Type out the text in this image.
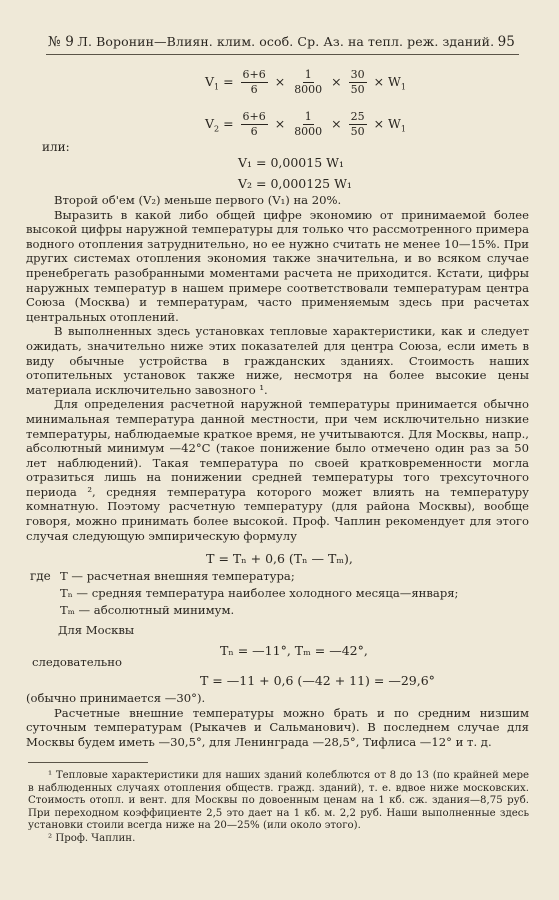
№ 9 Л. Воронин—Влиян. клим. особ. Ср. Аз. на тепл. реж. зданий. 95
$V_1 = \frac{6+6}{6} \times \frac{1}{8000} \times \frac{30}{50} \times W_1$
$V_2 = \frac{6+6}{6} \times \frac{1}{8000} \times \frac{25}{50} \times W_1$
или:
V₁ = 0,00015 W₁
V₂ = 0,000125 W₁

Второй об'ем (V₂) меньше первого (V₁) на 20%.

Выразить в какой либо общей цифре экономию от принимаемой более высокой цифры наружной температуры для только что рассмотренного примера водного отопления затруднительно, но ее нужно считать не менее 10—15%. При других системах отопления экономия также значительна, и во всяком случае пренебрегать разобранными моментами расчета не приходится. Кстати, цифры наружных температур в нашем примере соответствовали температурам центра Союза (Москва) и температурам, часто применяемым здесь при расчетах центральных отоплений.

В выполненных здесь установках тепловые характеристики, как и следует ожидать, значительно ниже этих показателей для центра Союза, если иметь в виду обычные устройства в гражданских зданиях. Стоимость наших отопительных установок также ниже, несмотря на более высокие цены материала исключительно завозного ¹.

Для определения расчетной наружной температуры принимается обычно минимальная температура данной местности, при чем исключительно низкие температуры, наблюдаемые краткое время, не учитываются. Для Москвы, напр., абсолютный минимум —42°С (такое понижение было отмечено один раз за 50 лет наблюдений). Такая температура по своей кратковременности могла отразиться лишь на понижении средней температуры того трехсуточного периода ², средняя температура которого может влиять на температуру комнатную. Поэтому расчетную температуру (для района Москвы), вообще говоря, можно принимать более высокой. Проф. Чаплин рекомендует для этого случая следующую эмпирическую формулу

T = Tₙ + 0,6 (Tₙ — Tₘ),
где T — расчетная внешняя температура;
Tₙ — средняя температура наиболее холодного месяца—января;
Tₘ — абсолютный минимум.
Для Москвы
Tₙ = —11°, Tₘ = —42°,
следовательно
T = —11 + 0,6 (—42 + 11) = —29,6°

(обычно принимается —30°).

Расчетные внешние температуры можно брать и по средним низшим суточным температурам (Рыкачев и Сальманович). В последнем случае для Москвы будем иметь —30,5°, для Ленинграда —28,5°, Тифлиса —12° и т. д.

¹ Тепловые характеристики для наших зданий колеблются от 8 до 13 (по крайней мере в наблюденных случаях отопления обществ. гражд. зданий), т. е. вдвое ниже московских. Стоимость отопл. и вент. для Москвы по довоенным ценам на 1 кб. сж. здания—8,75 руб. При переходном коэффициенте 2,5 это дает на 1 кб. м. 2,2 руб. Наши выполненные здесь установки стоили всегда ниже на 20—25% (или около этого).

² Проф. Чаплин.
